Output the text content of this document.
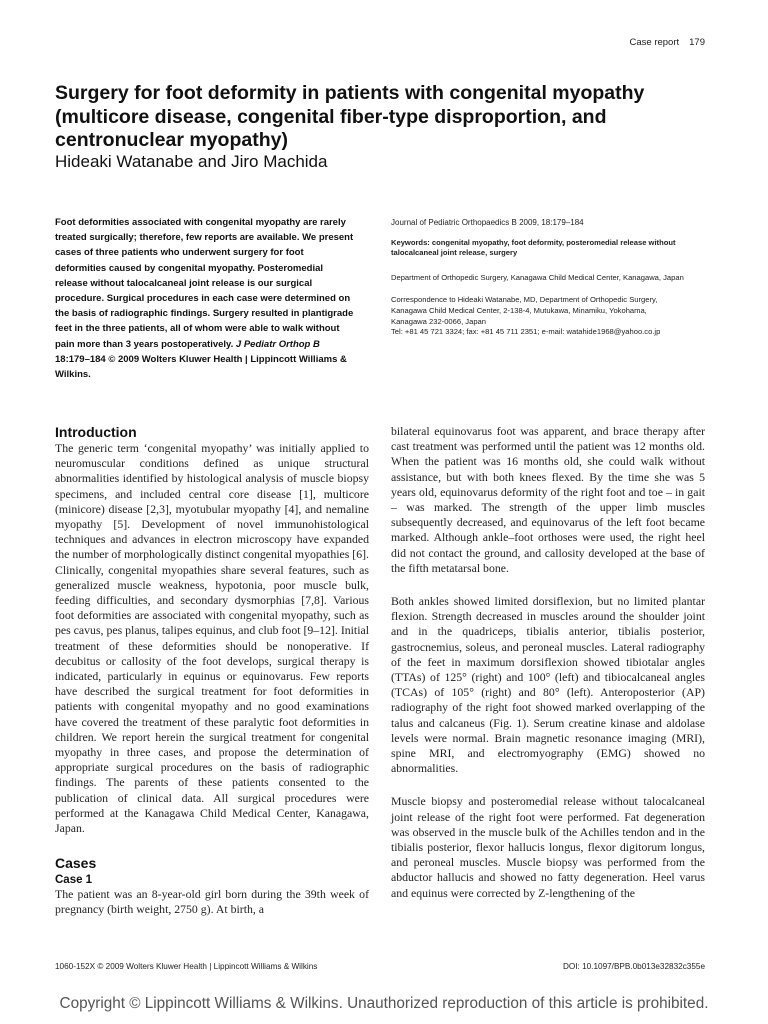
Case report 179
Surgery for foot deformity in patients with congenital myopathy (multicore disease, congenital fiber-type disproportion, and centronuclear myopathy)
Hideaki Watanabe and Jiro Machida
Foot deformities associated with congenital myopathy are rarely treated surgically; therefore, few reports are available. We present cases of three patients who underwent surgery for foot deformities caused by congenital myopathy. Posteromedial release without talocalcaneal joint release is our surgical procedure. Surgical procedures in each case were determined on the basis of radiographic findings. Surgery resulted in plantigrade feet in the three patients, all of whom were able to walk without pain more than 3 years postoperatively. J Pediatr Orthop B 18:179–184 © 2009 Wolters Kluwer Health | Lippincott Williams & Wilkins.

Journal of Pediatric Orthopaedics B 2009, 18:179–184

Keywords: congenital myopathy, foot deformity, posteromedial release without talocalcaneal joint release, surgery

Department of Orthopedic Surgery, Kanagawa Child Medical Center, Kanagawa, Japan

Correspondence to Hideaki Watanabe, MD, Department of Orthopedic Surgery,

Kanagawa Child Medical Center, 2-138-4, Mutukawa, Minamiku, Yokohama,

Kanagawa 232-0066, Japan

Tel: +81 45 721 3324; fax: +81 45 711 2351; e-mail: watahide1968@yahoo.co.jp

Introduction

The generic term ‘congenital myopathy’ was initially applied to neuromuscular conditions defined as unique structural abnormalities identified by histological analysis of muscle biopsy specimens, and included central core disease [1], multicore (minicore) disease [2,3], myotubular myopathy [4], and nemaline myopathy [5]. Development of novel immunohistological techniques and advances in electron microscopy have expanded the number of morphologically distinct congenital myopathies [6]. Clinically, congenital myopathies share several features, such as generalized muscle weakness, hypotonia, poor muscle bulk, feeding difficulties, and secondary dysmorphias [7,8]. Various foot deformities are associated with congenital myopathy, such as pes cavus, pes planus, talipes equinus, and club foot [9–12]. Initial treatment of these deformities should be nonoperative. If decubitus or callosity of the foot develops, surgical therapy is indicated, particularly in equinus or equinovarus. Few reports have described the surgical treatment for foot deformities in patients with congenital myopathy and no good examinations have covered the treatment of these paralytic foot deformities in children. We report herein the surgical treatment for congenital myopathy in three cases, and propose the determination of appropriate surgical procedures on the basis of radiographic findings. The parents of these patients consented to the publication of clinical data. All surgical procedures were performed at the Kanagawa Child Medical Center, Kanagawa, Japan.

Cases
Case 1

The patient was an 8-year-old girl born during the 39th week of pregnancy (birth weight, 2750 g). At birth, a

bilateral equinovarus foot was apparent, and brace therapy after cast treatment was performed until the patient was 12 months old. When the patient was 16 months old, she could walk without assistance, but with both knees flexed. By the time she was 5 years old, equinovarus deformity of the right foot and toe – in gait – was marked. The strength of the upper limb muscles subsequently decreased, and equinovarus of the left foot became marked. Although ankle–foot orthoses were used, the right heel did not contact the ground, and callosity developed at the base of the fifth metatarsal bone.

Both ankles showed limited dorsiflexion, but no limited plantar flexion. Strength decreased in muscles around the shoulder joint and in the quadriceps, tibialis anterior, tibialis posterior, gastrocnemius, soleus, and peroneal muscles. Lateral radiography of the feet in maximum dorsiflexion showed tibiotalar angles (TTAs) of 125° (right) and 100° (left) and tibiocalcaneal angles (TCAs) of 105° (right) and 80° (left). Anteroposterior (AP) radiography of the right foot showed marked overlapping of the talus and calcaneus (Fig. 1). Serum creatine kinase and aldolase levels were normal. Brain magnetic resonance imaging (MRI), spine MRI, and electromyography (EMG) showed no abnormalities.

Muscle biopsy and posteromedial release without talocalcaneal joint release of the right foot were performed. Fat degeneration was observed in the muscle bulk of the Achilles tendon and in the tibialis posterior, flexor hallucis longus, flexor digitorum longus, and peroneal muscles. Muscle biopsy was performed from the abductor hallucis and showed no fatty degeneration. Heel varus and equinus were corrected by Z-lengthening of the

1060-152X © 2009 Wolters Kluwer Health | Lippincott Williams & Wilkins	DOI: 10.1097/BPB.0b013e32832c355e
Copyright © Lippincott Williams & Wilkins. Unauthorized reproduction of this article is prohibited.
